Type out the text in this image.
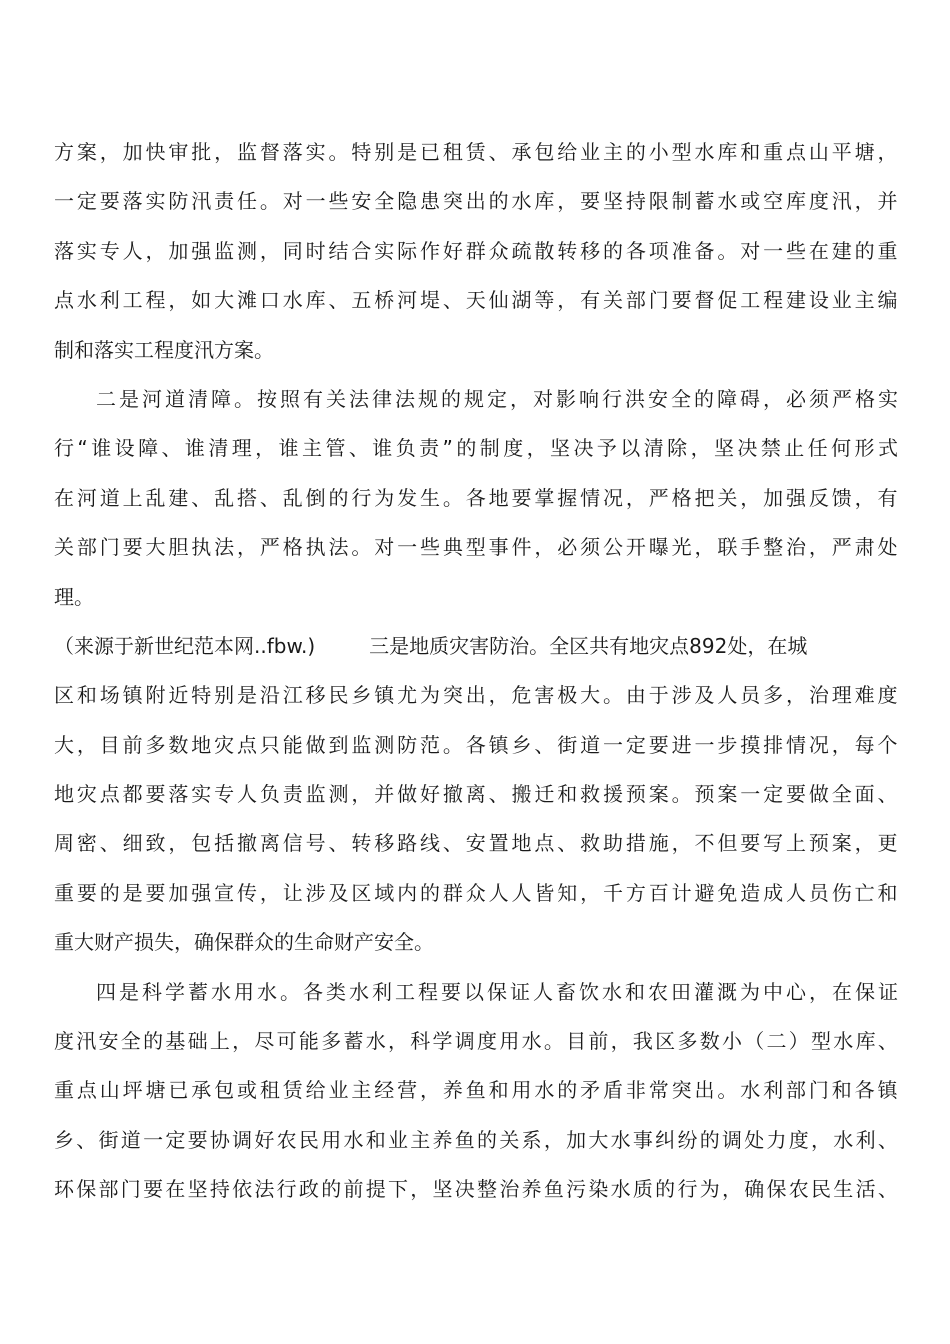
方 案 ， 加 快 审 批 ， 监 督 落 实 。 特 别 是 已 租 赁 、 承 包 给 业 主 的 小 型 水 库 和 重 点 山 平 塘 ，
一 定 要 落 实 防 汛 责 任 。 对 一 些 安 全 隐 患 突 出 的 水 库 ， 要 坚 持 限 制 蓄 水 或 空 库 度 汛 ， 并
落 实 专 人 ， 加 强 监 测 ， 同 时 结 合 实 际 作 好 群 众 疏 散 转 移 的 各 项 准 备 。 对 一 些 在 建 的 重
点 水 利 工 程 ， 如 大 滩 口 水 库 、 五 桥 河 堤 、 天 仙 湖 等 ， 有 关 部 门 要 督 促 工 程 建 设 业 主 编
制和落实工程度汛方案。
二 是 河 道 清 障 。 按 照 有 关 法 律 法 规 的 规 定 ， 对 影 响 行 洪 安 全 的 障 碍 ， 必 须 严 格 实
行 “ 谁 设 障 、 谁 清 理 ， 谁 主 管 、 谁 负 责 ” 的 制 度 ， 坚 决 予 以 清 除 ， 坚 决 禁 止 任 何 形 式
在 河 道 上 乱 建 、 乱 搭 、 乱 倒 的 行 为 发 生 。 各 地 要 掌 握 情 况 ， 严 格 把 关 ， 加 强 反 馈 ， 有
关 部 门 要 大 胆 执 法 ， 严 格 执 法 。 对 一 些 典 型 事 件 ， 必 须 公 开 曝 光 ， 联 手 整 治 ， 严 肃 处
理。
（来源于新世纪范本网..fbw.)	三是地质灾害防治。全区共有地灾点892处，在城
区 和 场 镇 附 近 特 别 是 沿 江 移 民 乡 镇 尤 为 突 出 ， 危 害 极 大 。 由 于 涉 及 人 员 多 ， 治 理 难 度
大 ， 目 前 多 数 地 灾 点 只 能 做 到 监 测 防 范 。 各 镇 乡 、 街 道 一 定 要 进 一 步 摸 排 情 况 ， 每 个
地 灾 点 都 要 落 实 专 人 负 责 监 测 ， 并 做 好 撤 离 、 搬 迁 和 救 援 预 案 。 预 案 一 定 要 做 全 面 、
周 密 、 细 致 ， 包 括 撤 离 信 号 、 转 移 路 线 、 安 置 地 点 、 救 助 措 施 ， 不 但 要 写 上 预 案 ， 更
重 要 的 是 要 加 强 宣 传 ， 让 涉 及 区 域 内 的 群 众 人 人 皆 知 ， 千 方 百 计 避 免 造 成 人 员 伤 亡 和
重大财产损失，确保群众的生命财产安全。
四 是 科 学 蓄 水 用 水 。 各 类 水 利 工 程 要 以 保 证 人 畜 饮 水 和 农 田 灌 溉 为 中 心 ， 在 保 证
度 汛 安 全 的 基 础 上 ， 尽 可 能 多 蓄 水 ， 科 学 调 度 用 水 。 目 前 ， 我 区 多 数 小 （ 二 ） 型 水 库 、
重 点 山 坪 塘 已 承 包 或 租 赁 给 业 主 经 营 ， 养 鱼 和 用 水 的 矛 盾 非 常 突 出 。 水 利 部 门 和 各 镇
乡 、 街 道 一 定 要 协 调 好 农 民 用 水 和 业 主 养 鱼 的 关 系 ， 加 大 水 事 纠 纷 的 调 处 力 度 ， 水 利 、
环 保 部 门 要 在 坚 持 依 法 行 政 的 前 提 下 ， 坚 决 整 治 养 鱼 污 染 水 质 的 行 为 ， 确 保 农 民 生 活 、
